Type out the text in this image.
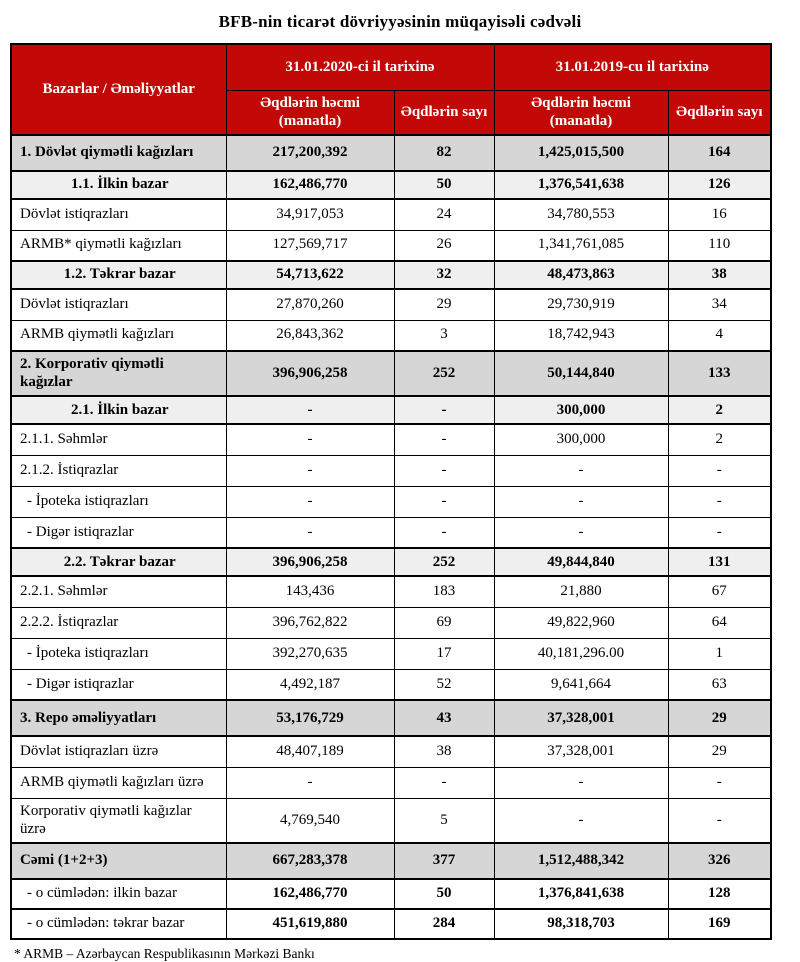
BFB-nin ticarət dövriyyəsinin müqayisəli cədvəli
Bazarlar / Əməliyyatlar	31.01.2020-ci il tarixinə		31.01.2019-cu il tarixinə	
	Əqdlərin həcmi (manatla)	Əqdlərin sayı	Əqdlərin həcmi (manatla)	Əqdlərin sayı
1. Dövlət qiymətli kağızları	217,200,392	82	1,425,015,500	164
1.1. İlkin bazar	162,486,770	50	1,376,541,638	126
Dövlət istiqrazları	34,917,053	24	34,780,553	16
ARMB* qiymətli kağızları	127,569,717	26	1,341,761,085	110
1.2. Təkrar bazar	54,713,622	32	48,473,863	38
Dövlət istiqrazları	27,870,260	29	29,730,919	34
ARMB qiymətli kağızları	26,843,362	3	18,742,943	4
2. Korporativ qiymətli kağızlar	396,906,258	252	50,144,840	133
2.1. İlkin bazar	-	-	300,000	2
2.1.1. Səhmlər	-	-	300,000	2
2.1.2. İstiqrazlar	-	-	-	-
- İpoteka istiqrazları	-	-	-	-
- Digər istiqrazlar	-	-	-	-
2.2. Təkrar bazar	396,906,258	252	49,844,840	131
2.2.1. Səhmlər	143,436	183	21,880	67
2.2.2. İstiqrazlar	396,762,822	69	49,822,960	64
- İpoteka istiqrazları	392,270,635	17	40,181,296.00	1
- Digər istiqrazlar	4,492,187	52	9,641,664	63
3. Repo əməliyyatları	53,176,729	43	37,328,001	29
Dövlət istiqrazları üzrə	48,407,189	38	37,328,001	29
ARMB qiymətli kağızları üzrə	-	-	-	-
Korporativ qiymətli kağızlar üzrə	4,769,540	5	-	-
Cəmi (1+2+3)	667,283,378	377	1,512,488,342	326
- o cümlədən: ilkin bazar	162,486,770	50	1,376,841,638	128
- o cümlədən: təkrar bazar	451,619,880	284	98,318,703	169
* ARMB – Azərbaycan Respublikasının Mərkəzi Bankı
